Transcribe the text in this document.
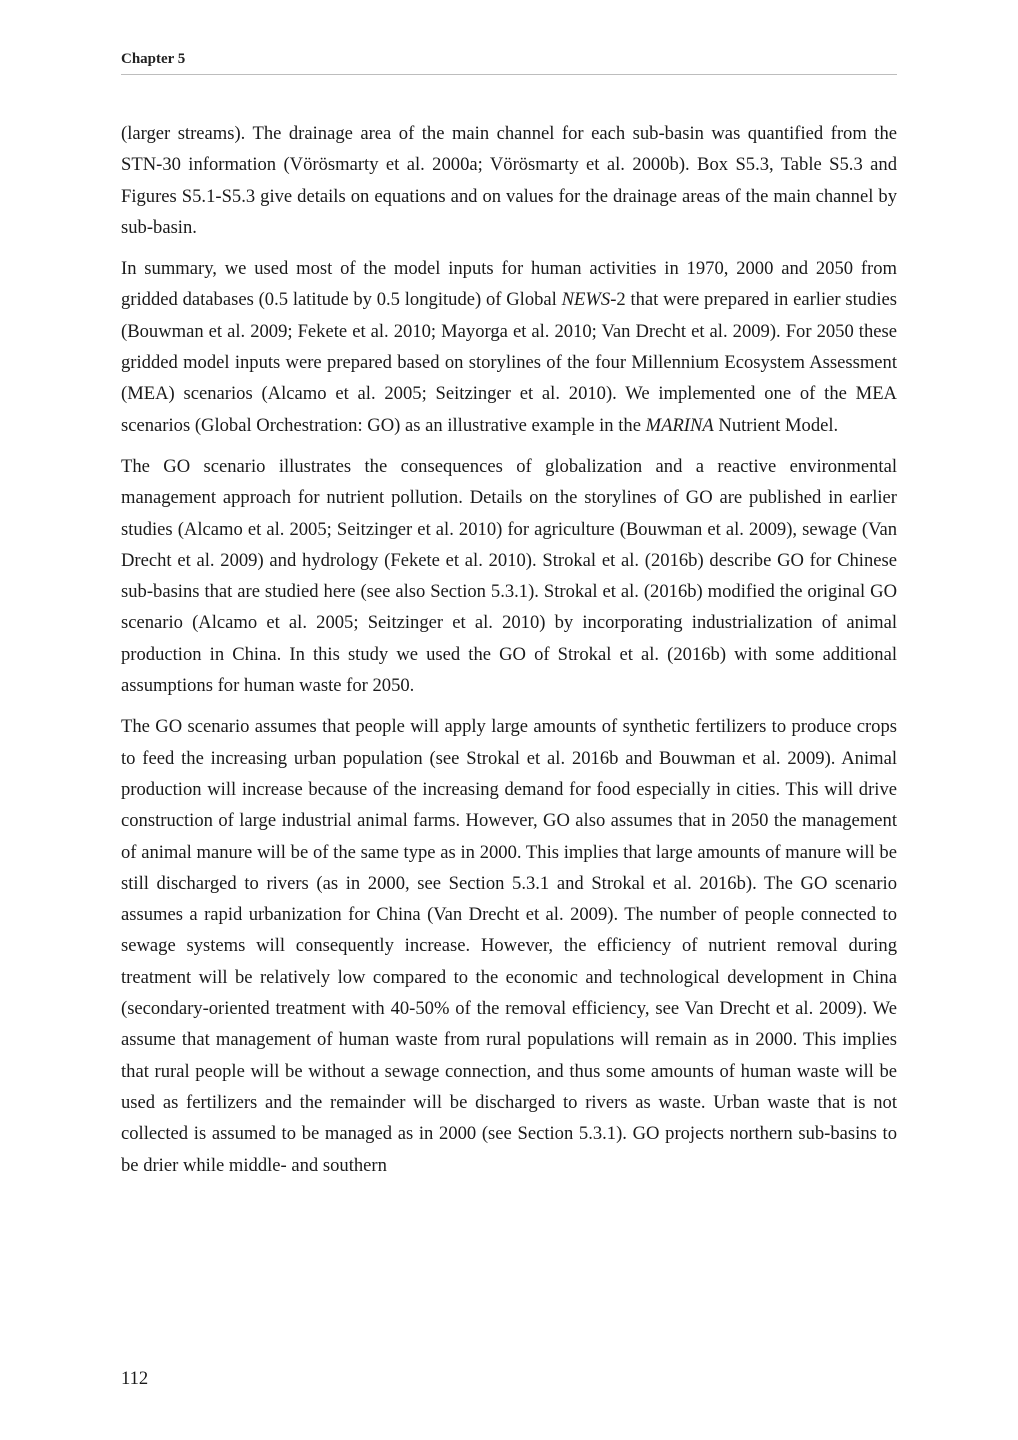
Chapter 5

(larger streams). The drainage area of the main channel for each sub-basin was quantified from the STN-30 information (Vörösmarty et al. 2000a; Vörösmarty et al. 2000b). Box S5.3, Table S5.3 and Figures S5.1-S5.3 give details on equations and on values for the drainage areas of the main channel by sub-basin.

In summary, we used most of the model inputs for human activities in 1970, 2000 and 2050 from gridded databases (0.5 latitude by 0.5 longitude) of Global NEWS-2 that were prepared in earlier studies (Bouwman et al. 2009; Fekete et al. 2010; Mayorga et al. 2010; Van Drecht et al. 2009). For 2050 these gridded model inputs were prepared based on storylines of the four Millennium Ecosystem Assessment (MEA) scenarios (Alcamo et al. 2005; Seitzinger et al. 2010). We implemented one of the MEA scenarios (Global Orchestration: GO) as an illustrative example in the MARINA Nutrient Model.

The GO scenario illustrates the consequences of globalization and a reactive environmental management approach for nutrient pollution. Details on the storylines of GO are published in earlier studies (Alcamo et al. 2005; Seitzinger et al. 2010) for agriculture (Bouwman et al. 2009), sewage (Van Drecht et al. 2009) and hydrology (Fekete et al. 2010). Strokal et al. (2016b) describe GO for Chinese sub-basins that are studied here (see also Section 5.3.1). Strokal et al. (2016b) modified the original GO scenario (Alcamo et al. 2005; Seitzinger et al. 2010) by incorporating industrialization of animal production in China. In this study we used the GO of Strokal et al. (2016b) with some additional assumptions for human waste for 2050.

The GO scenario assumes that people will apply large amounts of synthetic fertilizers to produce crops to feed the increasing urban population (see Strokal et al. 2016b and Bouwman et al. 2009). Animal production will increase because of the increasing demand for food especially in cities. This will drive construction of large industrial animal farms. However, GO also assumes that in 2050 the management of animal manure will be of the same type as in 2000. This implies that large amounts of manure will be still discharged to rivers (as in 2000, see Section 5.3.1 and Strokal et al. 2016b). The GO scenario assumes a rapid urbanization for China (Van Drecht et al. 2009). The number of people connected to sewage systems will consequently increase. However, the efficiency of nutrient removal during treatment will be relatively low compared to the economic and technological development in China (secondary-oriented treatment with 40-50% of the removal efficiency, see Van Drecht et al. 2009). We assume that management of human waste from rural populations will remain as in 2000. This implies that rural people will be without a sewage connection, and thus some amounts of human waste will be used as fertilizers and the remainder will be discharged to rivers as waste. Urban waste that is not collected is assumed to be managed as in 2000 (see Section 5.3.1). GO projects northern sub-basins to be drier while middle- and southern

112
